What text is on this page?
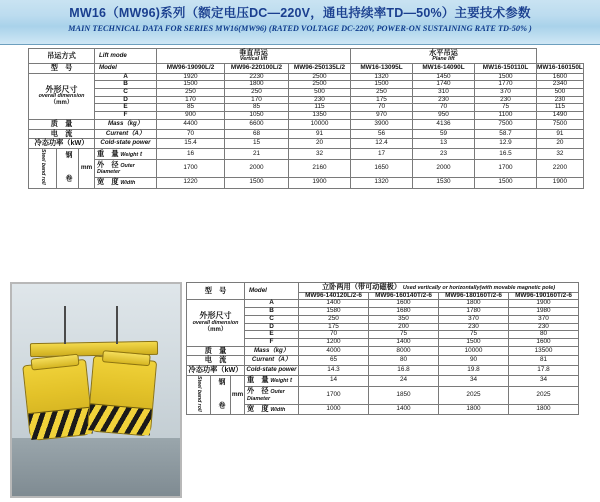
MW16（MW96)系列（额定电压DC—220V，通电持续率TD—50%）主要技术参数
MAIN TECHNICAL DATA FOR SERIES MW16(MW96) (RATED VOLTAGE DC-220V, POWER-ON SUSTAINING RATE TD-50% )
吊运方式			Lift mode	垂直吊运
Vertical lift			水平吊运
Plane lift			

型　号			Model	MW96-19090L/2	MW96-220100L/2	MW96-250135L/2	MW16-13095L	MW16-14090L	MW16-150110L	MW16-160150L

外形尺寸
overall dimension
（mm）			A	1920	2230	2500	1320	1450	1500	1600
			B	1500	1800	2500	1500	1740	1770	2340
			C	250	250	500	250	310	370	500
			D	170	170	230	175	230	230	230
			E	85	85	115	70	70	75	115
			F	900	1050	1350	970	950	1100	1490
质　量			Mass（kg）	4400	6600	10000	3900	4136	7500	7500
电　流			Current（A）	70	68	91	56	59	58.7	91
冷态功率（kW）			Cold-state power	15.4	15	20	12.4	13	12.9	20
Steel band roll	钢　　卷	mm	重　量 Weight t	16	21	32	17	23	16.5	32
			外　径 Outer Diameter	1700	2000	2160	1650	2000	1700	2200
			宽　度 Width	1220	1500	1900	1320	1530	1500	1900
型　号			Model	立卧两用（带可动磁极） Used vertically or horizontally(with movable magnetic pole)			
				MW96-140120L/2-6	MW96-160140T/2-6	MW96-180160T/2-6	MW96-190160T/2-6

外形尺寸
overall dimension
（mm）			A	1400	1600	1800	1900
			B	1580	1680	1780	1980
			C	250	350	370	370
			D	175	200	230	230
			E	70	75	75	80
			F	1200	1400	1500	1600
质　量			Mass（kg）	4000	8000	10000	13500
电　流			Current（A）	65	80	90	81
冷态功率（kW）			Cold-state power	14.3	16.8	19.8	17.8
Steel band roll	钢　　卷	mm	重　量 Weight t	14	24	34	34
			外　径 Outer Diameter	1700	1850	2025	2025
			宽　度 Width	1000	1400	1800	1800
